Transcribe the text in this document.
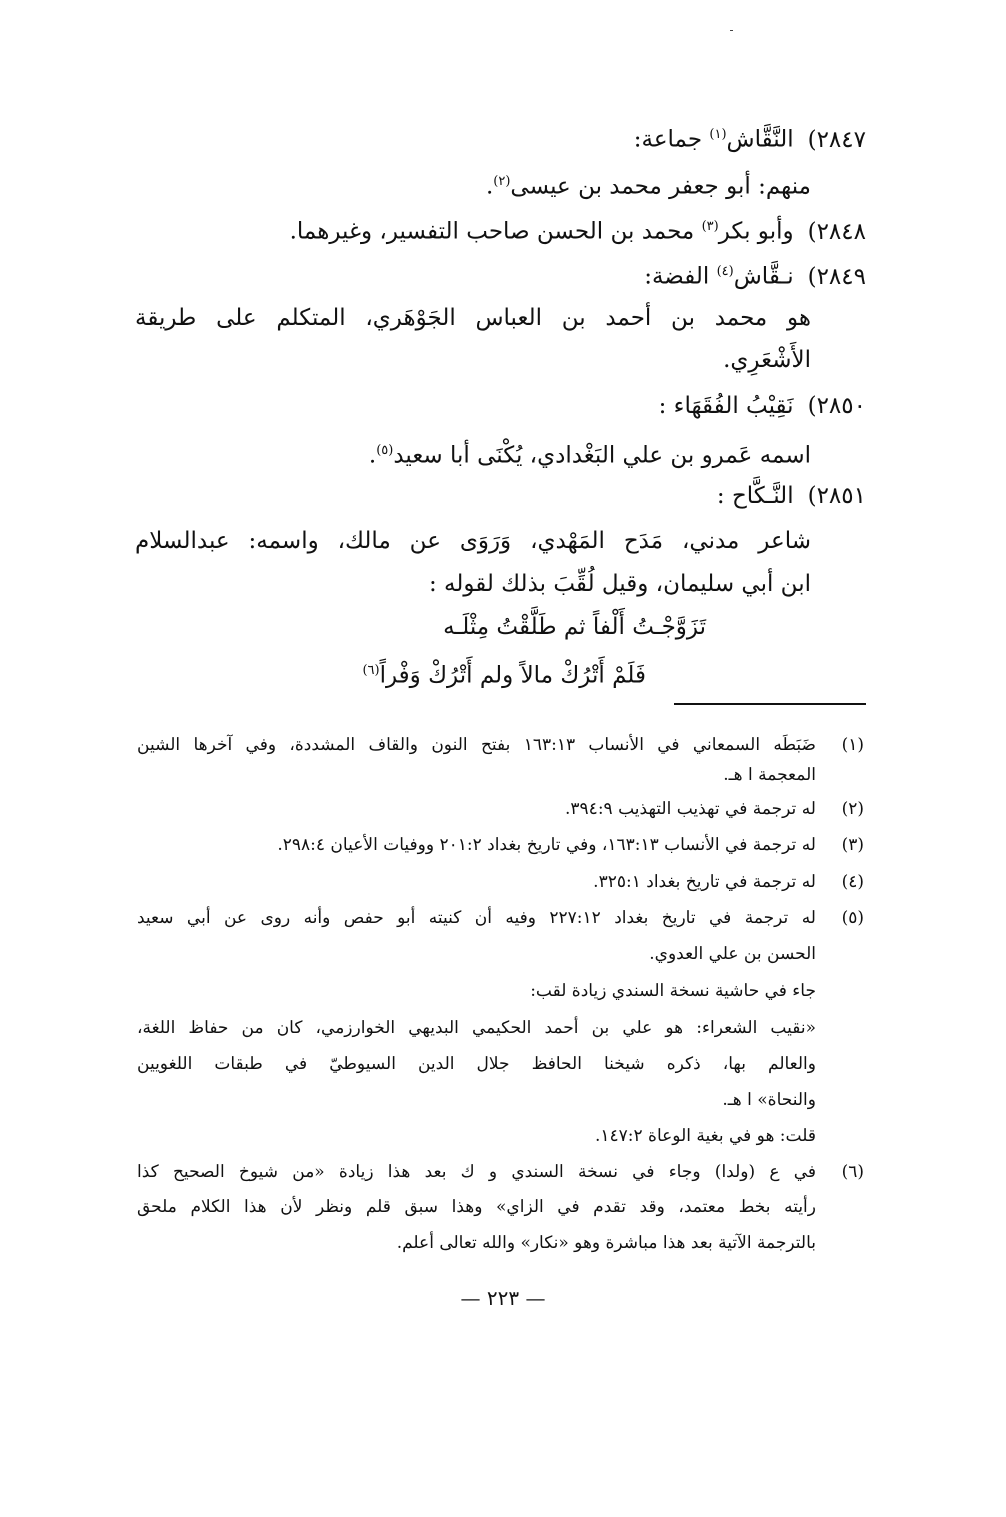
٢٨٤٧)النَّقَّاش$^{(١)}$ جماعة:
منهم: أبو جعفر محمد بن عيسى$^{(٢)}$.
٢٨٤٨)وأبو بكر$^{(٣)}$ محمد بن الحسن صاحب التفسير، وغيرهما.
٢٨٤٩)نـقَّاش$^{(٤)}$ الفضة:
هو محمد بن أحمد بن العباس الجَوْهَري، المتكلم على طريقة
الأَشْعَرِي.
٢٨٥٠)نَقِيْبُ الفُقَهَاء :
اسمه عَمرو بن علي البَغْدادي، يُكْنَى أبا سعيد$^{(٥)}$.
٢٨٥١)النَّـكَّاح :
شاعر مدني، مَدَح المَهْدي، وَرَوَى عن مالك، واسمه: عبدالسلام
ابن أبي سليمان، وقيل لُقِّبَ بذلك لقوله :
تَزَوَّجْـتُ أَلْفاً ثم طَلَّقْتُ مِثْلَـه
فَلَمْ أَتْرُكْ مالاً ولم أَتْرُكْ وَفْراً$^{(٦)}$
(١)ضَبَطَه السمعاني في الأنساب ١٦٣:١٣ بفتح النون والقاف المشددة، وفي آخرها الشين
المعجمة ا هـ.
(٢)له ترجمة في تهذيب التهذيب ٣٩٤:٩.
(٣)له ترجمة في الأنساب ١٦٣:١٣، وفي تاريخ بغداد ٢٠١:٢ ووفيات الأعيان ٢٩٨:٤.
(٤)له ترجمة في تاريخ بغداد ٣٢٥:١.
(٥)له ترجمة في تاريخ بغداد ٢٢٧:١٢ وفيه أن كنيته أبو حفص وأنه روى عن أبي سعيد
الحسن بن علي العدوي.
جاء في حاشية نسخة السندي زيادة لقب:
«نقيب الشعراء: هو علي بن أحمد الحكيمي البديهي الخوارزمي، كان من حفاظ اللغة،
والعالم بها، ذكره شيخنا الحافظ جلال الدين السيوطيّ في طبقات اللغويين
والنحاة» ا هـ.
قلت: هو في بغية الوعاة ١٤٧:٢.
(٦)في ع (ولدا) وجاء في نسخة السندي و ك بعد هذا زيادة «من شيوخ الصحيح كذا
رأيته بخط معتمد، وقد تقدم في الزاي» وهذا سبق قلم ونظر لأن هذا الكلام ملحق
بالترجمة الآتية بعد هذا مباشرة وهو «نكار» والله تعالى أعلم.
— ٢٢٣ —
